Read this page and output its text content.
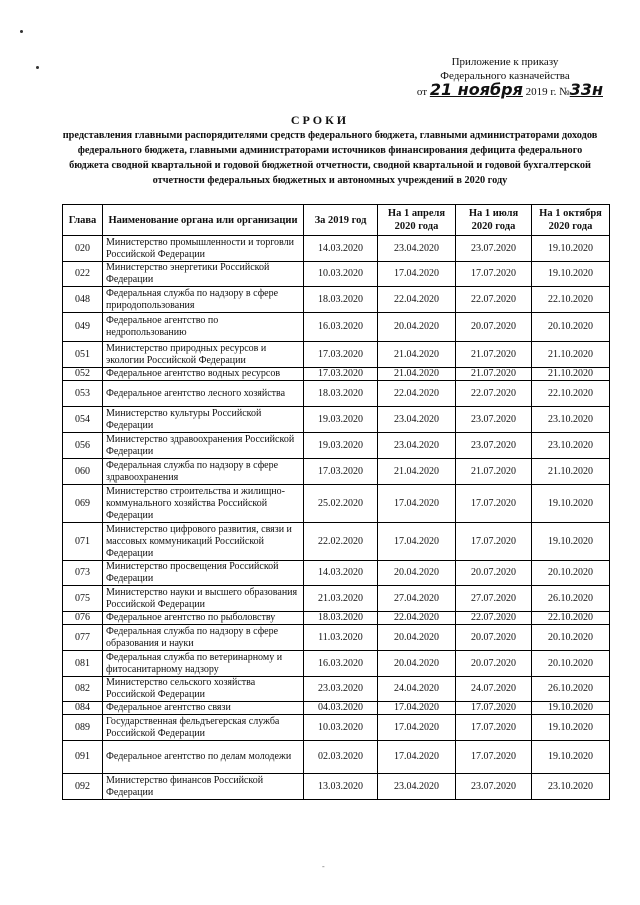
Приложение к приказу
Федерального казначейства
от 21 ноября 2019 г. №33н
СРОКИ
представления главными распорядителями средств федерального бюджета, главными администраторами доходов федерального бюджета, главными администраторами источников финансирования дефицита федерального бюджета сводной квартальной и годовой бюджетной отчетности, сводной квартальной и годовой бухгалтерской отчетности федеральных бюджетных и автономных учреждений в 2020 году
Глава	Наименование органа или организации	За 2019 год	На 1 апреля 2020 года	На 1 июля 2020 года	На 1 октября 2020 года
020	Министерство промышленности и торговли Российской Федерации	14.03.2020	23.04.2020	23.07.2020	19.10.2020
022	Министерство энергетики Российской Федерации	10.03.2020	17.04.2020	17.07.2020	19.10.2020
048	Федеральная служба по надзору в сфере природопользования	18.03.2020	22.04.2020	22.07.2020	22.10.2020
049	Федеральное агентство по недропользованию	16.03.2020	20.04.2020	20.07.2020	20.10.2020
051	Министерство природных ресурсов и экологии Российской Федерации	17.03.2020	21.04.2020	21.07.2020	21.10.2020
052	Федеральное агентство водных ресурсов	17.03.2020	21.04.2020	21.07.2020	21.10.2020
053	Федеральное агентство лесного хозяйства	18.03.2020	22.04.2020	22.07.2020	22.10.2020
054	Министерство культуры Российской Федерации	19.03.2020	23.04.2020	23.07.2020	23.10.2020
056	Министерство здравоохранения Российской Федерации	19.03.2020	23.04.2020	23.07.2020	23.10.2020
060	Федеральная служба по надзору в сфере здравоохранения	17.03.2020	21.04.2020	21.07.2020	21.10.2020
069	Министерство строительства и жилищно-коммунального хозяйства Российской Федерации	25.02.2020	17.04.2020	17.07.2020	19.10.2020
071	Министерство цифрового развития, связи и массовых коммуникаций Российской Федерации	22.02.2020	17.04.2020	17.07.2020	19.10.2020
073	Министерство просвещения Российской Федерации	14.03.2020	20.04.2020	20.07.2020	20.10.2020
075	Министерство науки и высшего образования Российской Федерации	21.03.2020	27.04.2020	27.07.2020	26.10.2020
076	Федеральное агентство по рыболовству	18.03.2020	22.04.2020	22.07.2020	22.10.2020
077	Федеральная служба по надзору в сфере образования и науки	11.03.2020	20.04.2020	20.07.2020	20.10.2020
081	Федеральная служба по ветеринарному и фитосанитарному надзору	16.03.2020	20.04.2020	20.07.2020	20.10.2020
082	Министерство сельского хозяйства Российской Федерации	23.03.2020	24.04.2020	24.07.2020	26.10.2020
084	Федеральное агентство связи	04.03.2020	17.04.2020	17.07.2020	19.10.2020
089	Государственная фельдъегерская служба Российской Федерации	10.03.2020	17.04.2020	17.07.2020	19.10.2020
091	Федеральное агентство по делам молодежи	02.03.2020	17.04.2020	17.07.2020	19.10.2020
092	Министерство финансов Российской Федерации	13.03.2020	23.04.2020	23.07.2020	23.10.2020
-
